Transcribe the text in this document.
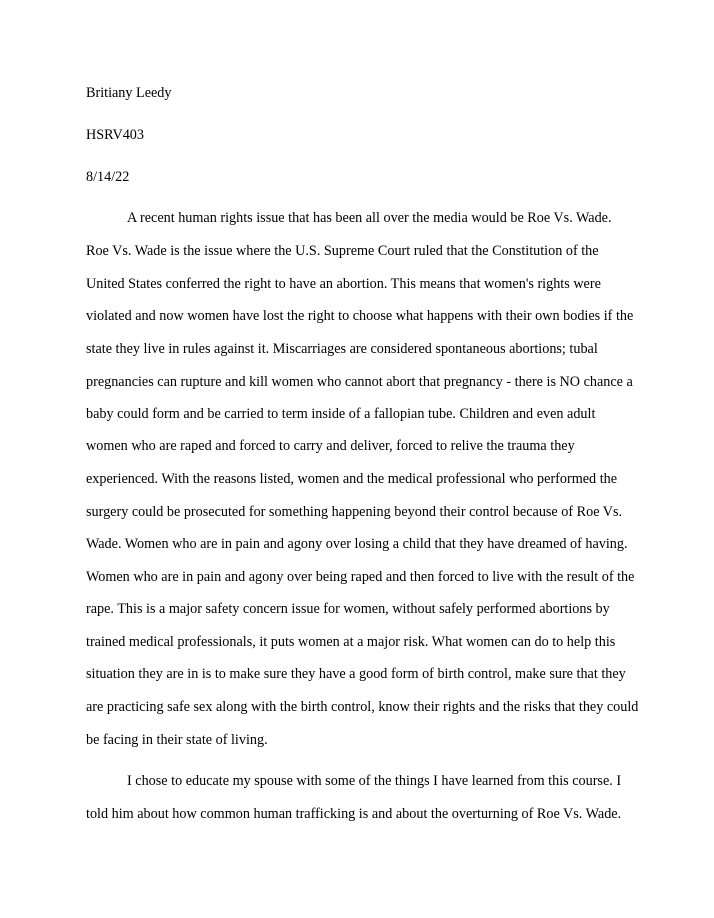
Britiany Leedy
HSRV403
8/14/22
A recent human rights issue that has been all over the media would be Roe Vs. Wade.
Roe Vs. Wade is the issue where the U.S. Supreme Court ruled that the Constitution of the
United States conferred the right to have an abortion. This means that women's rights were
violated and now women have lost the right to choose what happens with their own bodies if the
state they live in rules against it. Miscarriages are considered spontaneous abortions; tubal
pregnancies can rupture and kill women who cannot abort that pregnancy - there is NO chance a
baby could form and be carried to term inside of a fallopian tube. Children and even adult
women who are raped and forced to carry and deliver, forced to relive the trauma they
experienced. With the reasons listed, women and the medical professional who performed the
surgery could be prosecuted for something happening beyond their control because of Roe Vs.
Wade. Women who are in pain and agony over losing a child that they have dreamed of having.
Women who are in pain and agony over being raped and then forced to live with the result of the
rape. This is a major safety concern issue for women, without safely performed abortions by
trained medical professionals, it puts women at a major risk. What women can do to help this
situation they are in is to make sure they have a good form of birth control, make sure that they
are practicing safe sex along with the birth control, know their rights and the risks that they could
be facing in their state of living.
I chose to educate my spouse with some of the things I have learned from this course. I
told him about how common human trafficking is and about the overturning of Roe Vs. Wade.
